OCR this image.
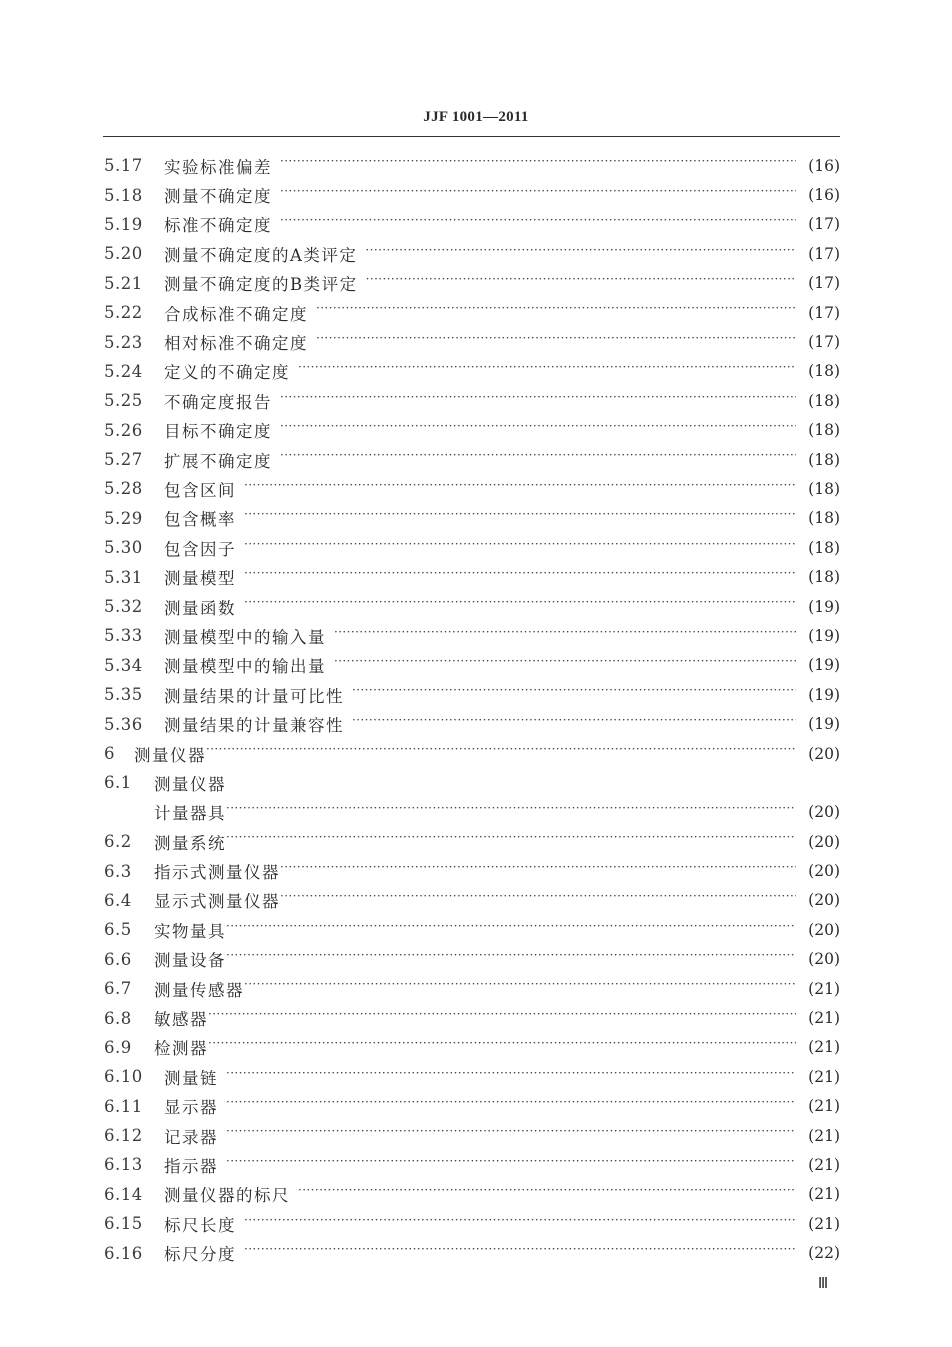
JJF 1001—2011
5.17	实验标准偏差 ·····	(16)
5.18	测量不确定度 ·····	(16)
5.19	标准不确定度 ·····	(17)
5.20	测量不确定度的A类评定 ·····	(17)
5.21	测量不确定度的B类评定 ·····	(17)
5.22	合成标准不确定度 ·····	(17)
5.23	相对标准不确定度 ·····	(17)
5.24	定义的不确定度 ·····	(18)
5.25	不确定度报告 ·····	(18)
5.26	目标不确定度 ·····	(18)
5.27	扩展不确定度 ·····	(18)
5.28	包含区间 ·····	(18)
5.29	包含概率 ·····	(18)
5.30	包含因子 ·····	(18)
5.31	测量模型 ·····	(18)
5.32	测量函数 ·····	(19)
5.33	测量模型中的输入量 ·····	(19)
5.34	测量模型中的输出量 ·····	(19)
5.35	测量结果的计量可比性 ·····	(19)
5.36	测量结果的计量兼容性 ·····	(19)
6	测量仪器 ·····	(20)
6.1	测量仪器
计量器具 ·····	(20)
6.2	测量系统 ·····	(20)
6.3	指示式测量仪器 ·····	(20)
6.4	显示式测量仪器 ·····	(20)
6.5	实物量具 ·····	(20)
6.6	测量设备 ·····	(20)
6.7	测量传感器 ·····	(21)
6.8	敏感器 ·····	(21)
6.9	检测器 ·····	(21)
6.10	测量链 ·····	(21)
6.11	显示器 ·····	(21)
6.12	记录器 ·····	(21)
6.13	指示器 ·····	(21)
6.14	测量仪器的标尺 ·····	(21)
6.15	标尺长度 ·····	(21)
6.16	标尺分度 ·····	(22)
Ⅲ
